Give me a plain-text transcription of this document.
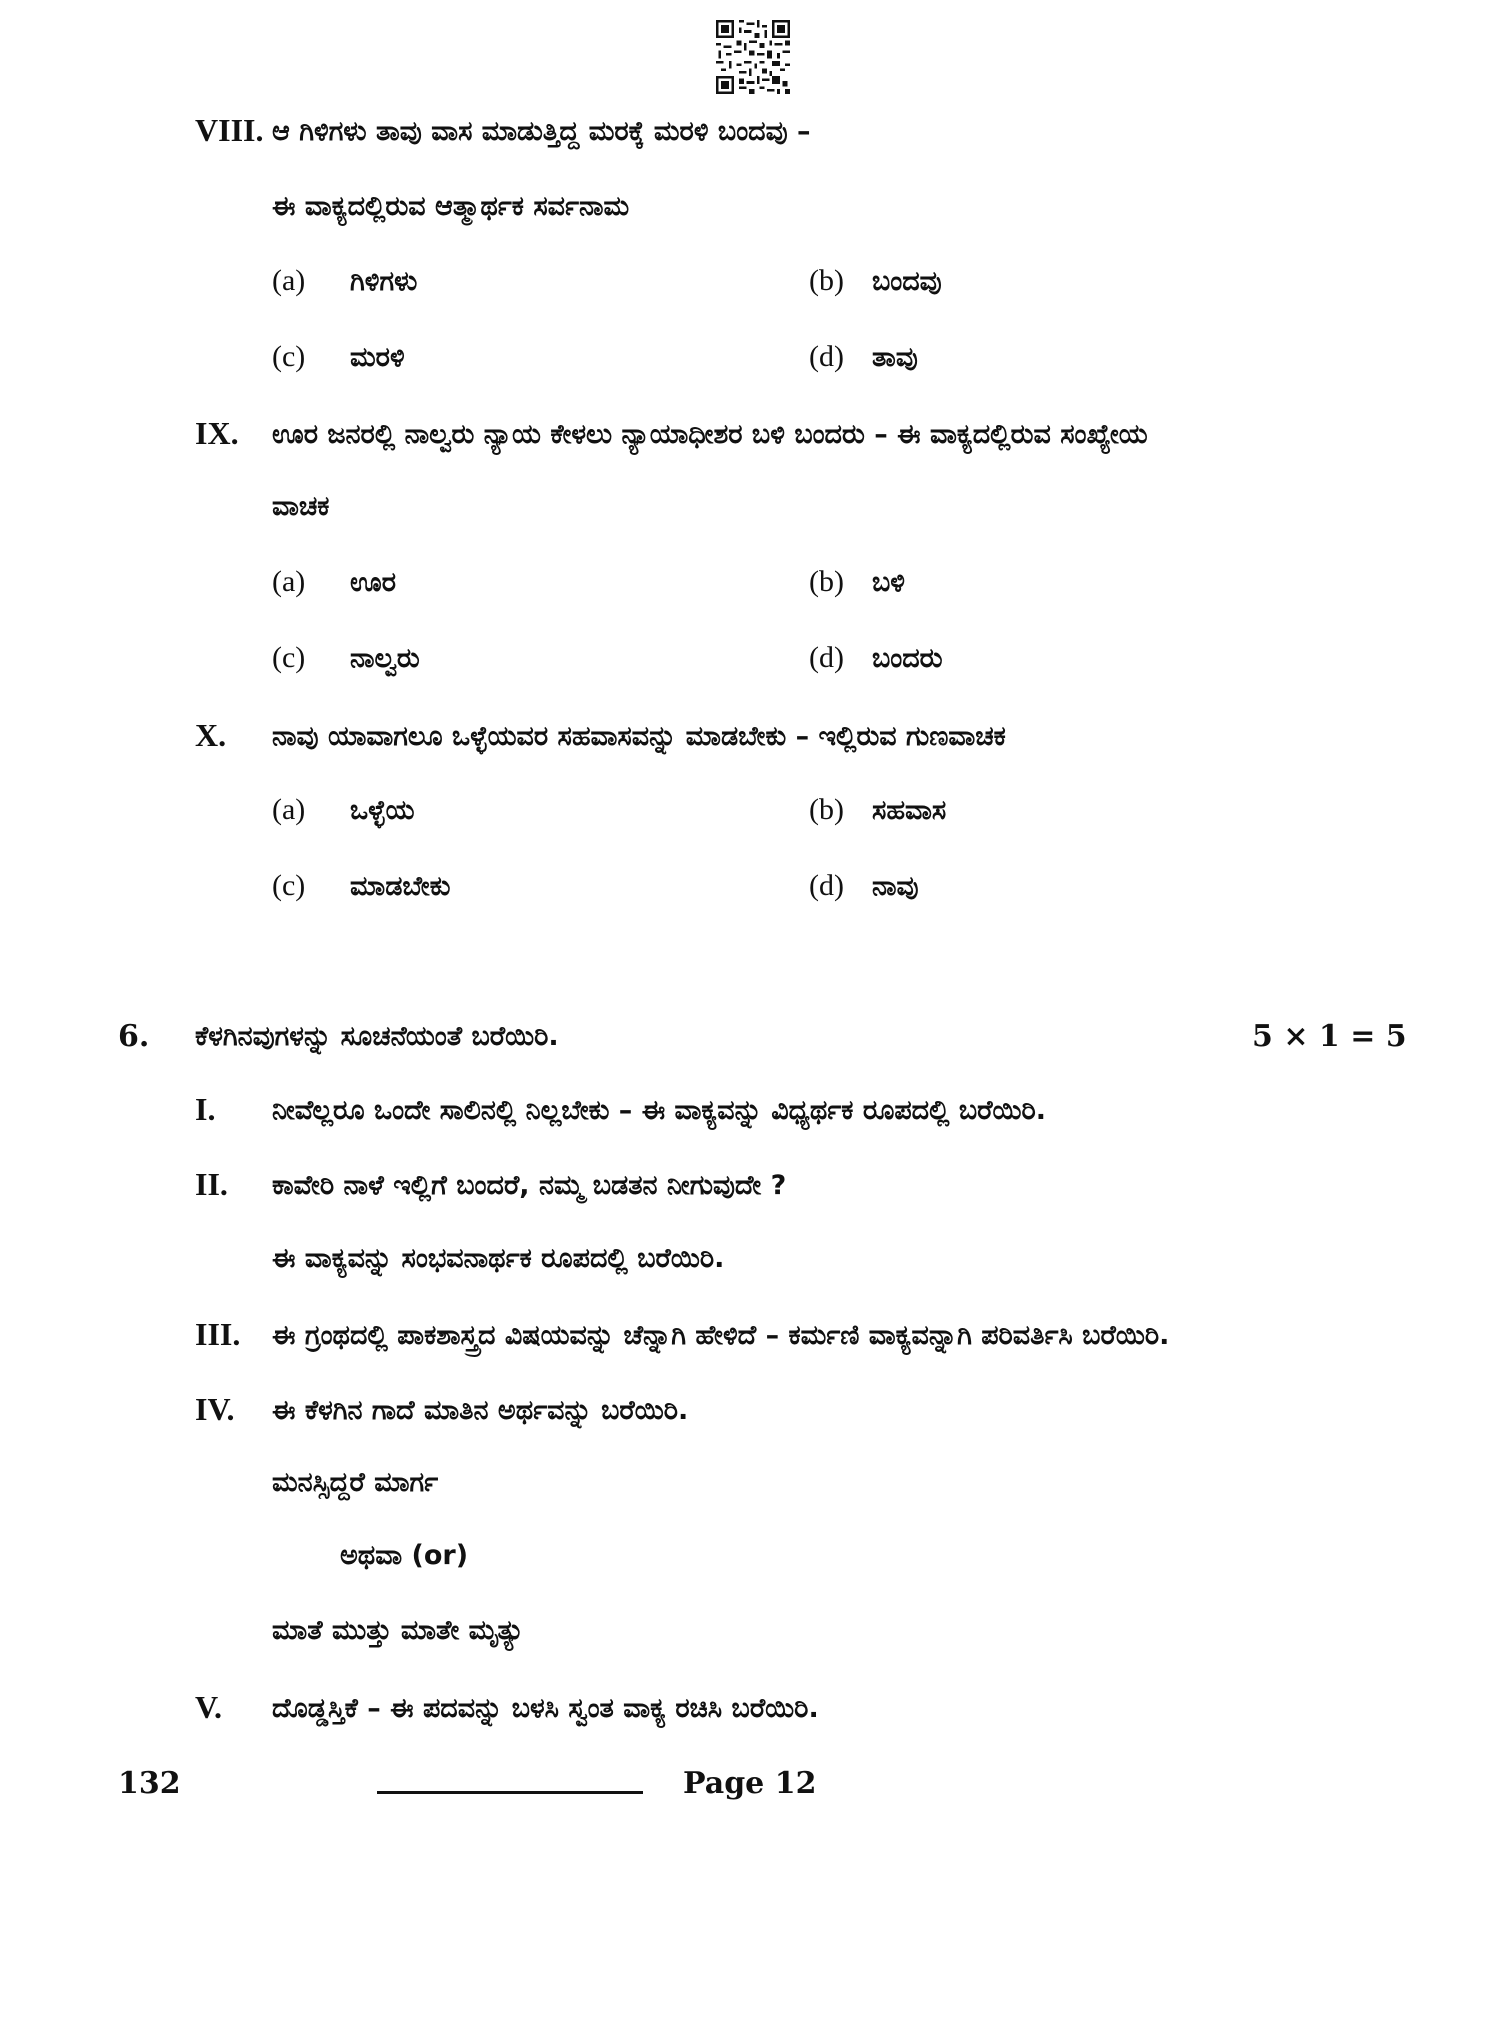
VIII. ಆ ಗಿಳಿಗಳು ತಾವು ವಾಸ ಮಾಡುತ್ತಿದ್ದ ಮರಕ್ಕೆ ಮರಳಿ ಬಂದವು –
ಈ ವಾಕ್ಯದಲ್ಲಿರುವ ಆತ್ಮಾರ್ಥಕ ಸರ್ವನಾಮ
(a) ಗಿಳಿಗಳು	(b) ಬಂದವು
(c) ಮರಳಿ	(d) ತಾವು
IX. ಊರ ಜನರಲ್ಲಿ ನಾಲ್ವರು ನ್ಯಾಯ ಕೇಳಲು ನ್ಯಾಯಾಧೀಶರ ಬಳಿ ಬಂದರು – ಈ ವಾಕ್ಯದಲ್ಲಿರುವ ಸಂಖ್ಯೇಯ
ವಾಚಕ
(a) ಊರ	(b) ಬಳಿ
(c) ನಾಲ್ವರು	(d) ಬಂದರು
X. ನಾವು ಯಾವಾಗಲೂ ಒಳ್ಳೆಯವರ ಸಹವಾಸವನ್ನು ಮಾಡಬೇಕು – ಇಲ್ಲಿರುವ ಗುಣವಾಚಕ
(a) ಒಳ್ಳೆಯ	(b) ಸಹವಾಸ
(c) ಮಾಡಬೇಕು	(d) ನಾವು
6. ಕೆಳಗಿನವುಗಳನ್ನು ಸೂಚನೆಯಂತೆ ಬರೆಯಿರಿ.	5 × 1 = 5
I. ನೀವೆಲ್ಲರೂ ಒಂದೇ ಸಾಲಿನಲ್ಲಿ ನಿಲ್ಲಬೇಕು – ಈ ವಾಕ್ಯವನ್ನು ವಿಧ್ಯರ್ಥಕ ರೂಪದಲ್ಲಿ ಬರೆಯಿರಿ.
II. ಕಾವೇರಿ ನಾಳೆ ಇಲ್ಲಿಗೆ ಬಂದರೆ, ನಮ್ಮ ಬಡತನ ನೀಗುವುದೇ ?
ಈ ವಾಕ್ಯವನ್ನು ಸಂಭವನಾರ್ಥಕ ರೂಪದಲ್ಲಿ ಬರೆಯಿರಿ.
III. ಈ ಗ್ರಂಥದಲ್ಲಿ ಪಾಕಶಾಸ್ತ್ರದ ವಿಷಯವನ್ನು ಚೆನ್ನಾಗಿ ಹೇಳಿದೆ – ಕರ್ಮಣಿ ವಾಕ್ಯವನ್ನಾಗಿ ಪರಿವರ್ತಿಸಿ ಬರೆಯಿರಿ.
IV. ಈ ಕೆಳಗಿನ ಗಾದೆ ಮಾತಿನ ಅರ್ಥವನ್ನು ಬರೆಯಿರಿ.
ಮನಸ್ಸಿದ್ದರೆ ಮಾರ್ಗ
ಅಥವಾ (or)
ಮಾತೆ ಮುತ್ತು ಮಾತೇ ಮೃತ್ಯು
V. ದೊಡ್ಡಸ್ತಿಕೆ – ಈ ಪದವನ್ನು ಬಳಸಿ ಸ್ವಂತ ವಾಕ್ಯ ರಚಿಸಿ ಬರೆಯಿರಿ.
132	Page 12
